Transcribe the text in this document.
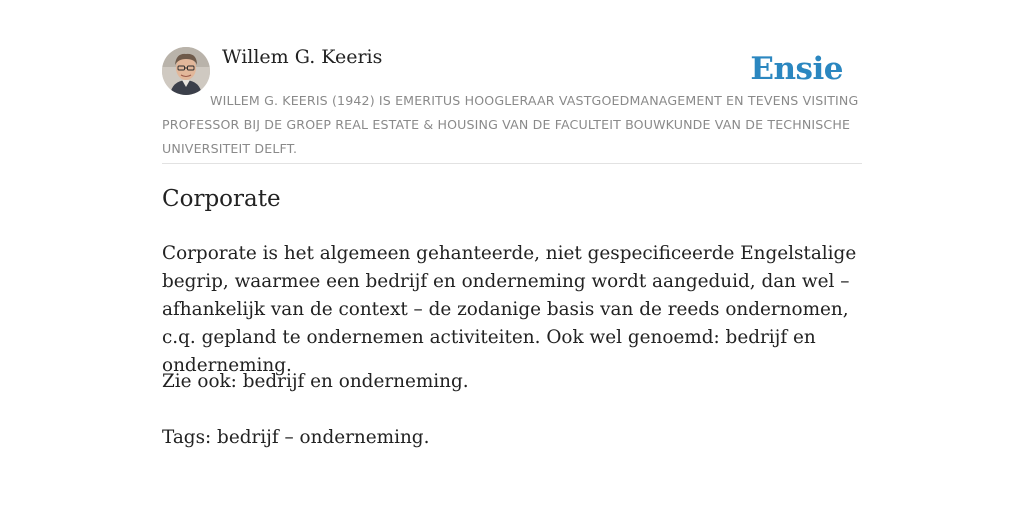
Willem G. Keeris	Ensie
WILLEM G. KEERIS (1942) IS EMERITUS HOOGLERAAR VASTGOEDMANAGEMENT EN TEVENS VISITING PROFESSOR BIJ DE GROEP REAL ESTATE & HOUSING VAN DE FACULTEIT BOUWKUNDE VAN DE TECHNISCHE UNIVERSITEIT DELFT.
Corporate

Corporate is het algemeen gehanteerde, niet gespecificeerde Engelstalige begrip, waarmee een bedrijf en onderneming wordt aangeduid, dan wel – afhankelijk van de context – de zodanige basis van de reeds ondernomen, c.q. gepland te ondernemen activiteiten. Ook wel genoemd: bedrijf en onderneming.

Zie ook: bedrijf en onderneming.
Tags: bedrijf – onderneming.
